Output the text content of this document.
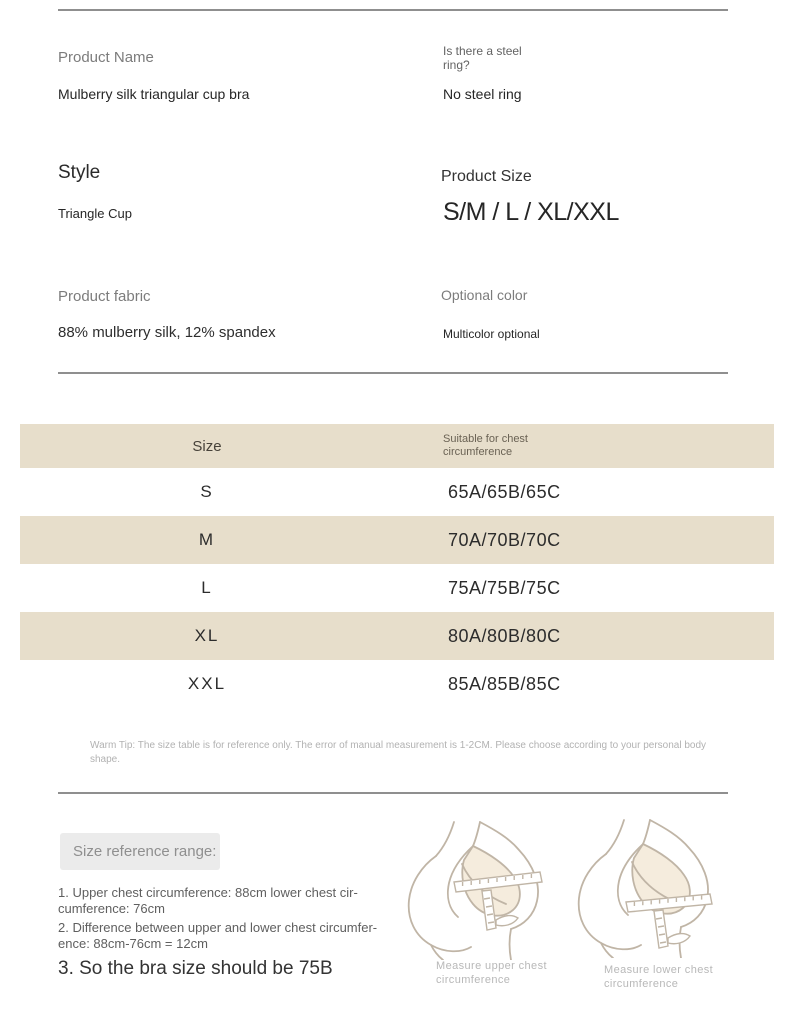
Product Name
Mulberry silk triangular cup bra
Is there a steel ring?
No steel ring
Style
Triangle Cup
Product Size
S/M / L / XL/XXL
Product fabric
88% mulberry silk, 12% spandex
Optional color
Multicolor optional
Size	Suitable for chest circumference
S	65A/65B/65C
M	70A/70B/70C
L	75A/75B/75C
XL	80A/80B/80C
XXL	85A/85B/85C
Warm Tip: The size table is for reference only. The error of manual measurement is 1-2CM. Please choose according to your personal body shape.
Size reference range:
1. Upper chest circumference: 88cm lower chest cir-
cumference: 76cm
2. Difference between upper and lower chest circumfer-
ence: 88cm-76cm = 12cm
3. So the bra size should be 75B	Measure upper chest circumference
Measure lower chest circumference
